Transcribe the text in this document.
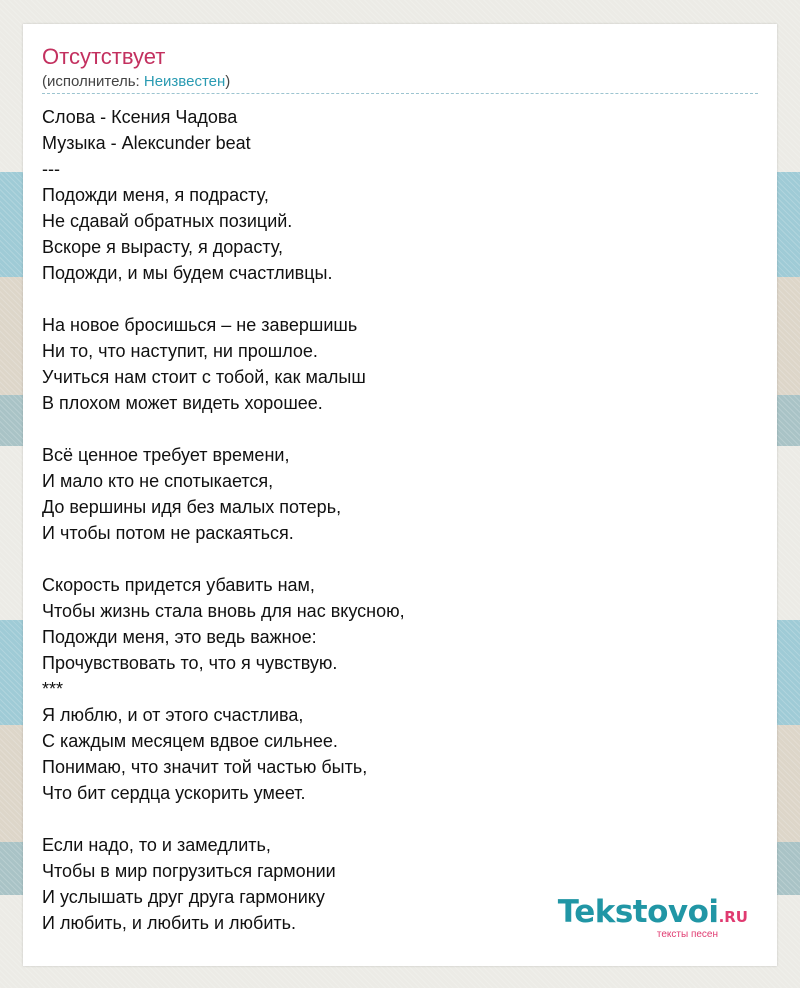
Отсутствует
(исполнитель: Неизвестен)
Слова - Ксения Чадова
Музыка - Aleкcunder beat
---
Подожди меня, я подрасту,
Не сдавай обратных позиций.
Вскоре я вырасту, я дорасту,
Подожди, и мы будем счастливцы.
На новое бросишься – не завершишь
Ни то, что наступит, ни прошлое.
Учиться нам стоит с тобой, как малыш
В плохом может видеть хорошее.
Всё ценное требует времени,
И мало кто не спотыкается,
До вершины идя без малых потерь,
И чтобы потом не раскаяться.
Скорость придется убавить нам,
Чтобы жизнь стала вновь для нас вкусною,
Подожди меня, это ведь важное:
Прочувствовать то, что я чувствую.
***
Я люблю, и от этого счастлива,
С каждым месяцем вдвое сильнее.
Понимаю, что значит той частью быть,
Что бит сердца ускорить умеет.
Если надо, то и замедлить,
Чтобы в мир погрузиться гармонии
И услышать друг друга гармонику
И любить, и любить и любить.	Tekstovoi.RU
тексты песен
